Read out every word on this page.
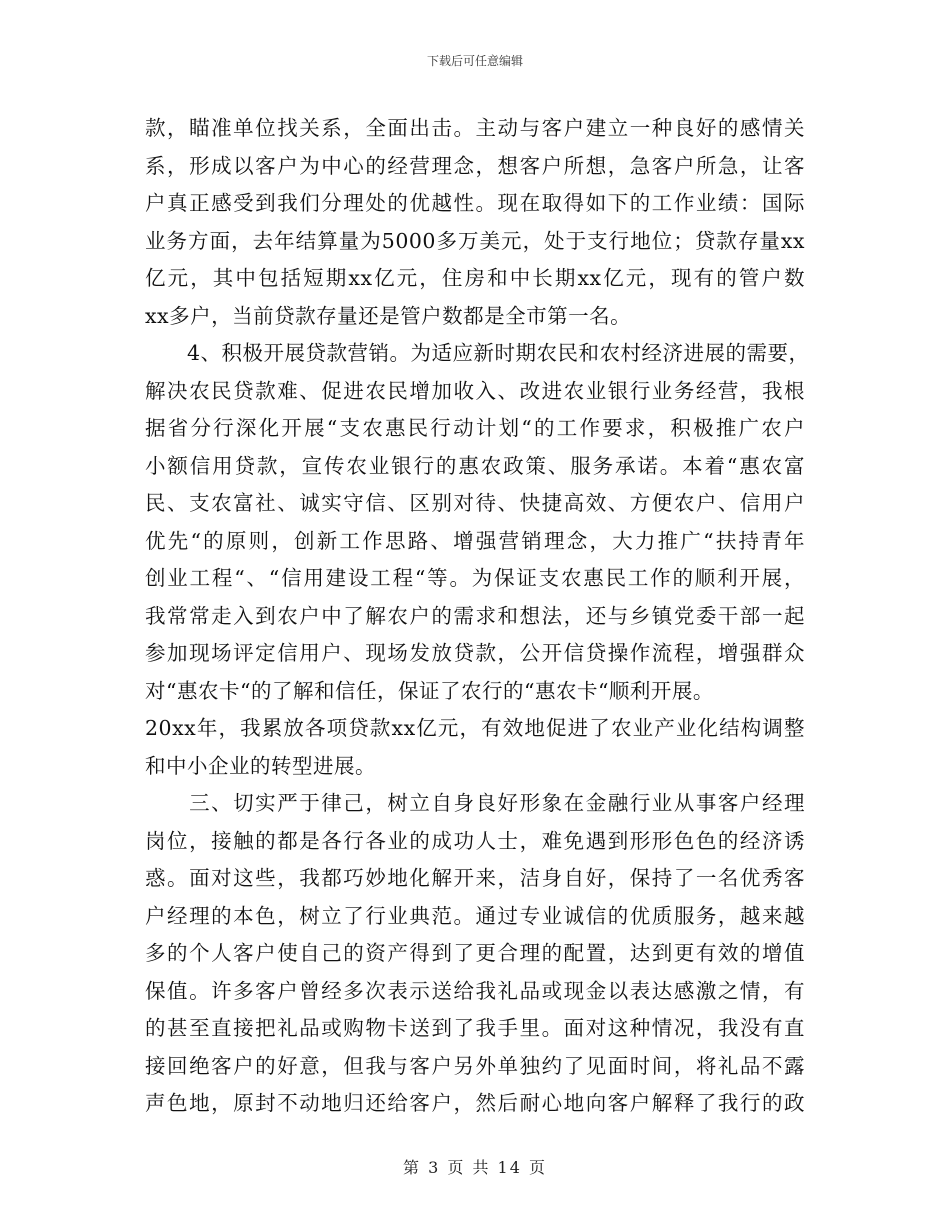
下载后可任意编辑
款，瞄准单位找关系，全面出击。主动与客户建立一种良好的感情关
系，形成以客户为中心的经营理念，想客户所想，急客户所急，让客
户真正感受到我们分理处的优越性。现在取得如下的工作业绩：国际
业务方面，去年结算量为5000多万美元，处于支行地位；贷款存量xx
亿元，其中包括短期xx亿元，住房和中长期xx亿元，现有的管户数
xx多户，当前贷款存量还是管户数都是全市第一名。
　　4、积极开展贷款营销。为适应新时期农民和农村经济进展的需要，
解决农民贷款难、促进农民增加收入、改进农业银行业务经营，我根
据省分行深化开展“支农惠民行动计划“的工作要求，积极推广农户
小额信用贷款，宣传农业银行的惠农政策、服务承诺。本着“惠农富
民、支农富社、诚实守信、区别对待、快捷高效、方便农户、信用户
优先“的原则，创新工作思路、增强营销理念，大力推广“扶持青年
创业工程“、“信用建设工程“等。为保证支农惠民工作的顺利开展，
我常常走入到农户中了解农户的需求和想法，还与乡镇党委干部一起
参加现场评定信用户、现场发放贷款，公开信贷操作流程，增强群众
对“惠农卡“的了解和信任，保证了农行的“惠农卡“顺利开展。
20xx年，我累放各项贷款xx亿元，有效地促进了农业产业化结构调整
和中小企业的转型进展。
　　三、切实严于律己，树立自身良好形象在金融行业从事客户经理
岗位，接触的都是各行各业的成功人士，难免遇到形形色色的经济诱
惑。面对这些，我都巧妙地化解开来，洁身自好，保持了一名优秀客
户经理的本色，树立了行业典范。通过专业诚信的优质服务，越来越
多的个人客户使自己的资产得到了更合理的配置，达到更有效的增值
保值。许多客户曾经多次表示送给我礼品或现金以表达感激之情，有
的甚至直接把礼品或购物卡送到了我手里。面对这种情况，我没有直
接回绝客户的好意，但我与客户另外单独约了见面时间，将礼品不露
声色地，原封不动地归还给客户，然后耐心地向客户解释了我行的政
第 3 页 共 14 页
